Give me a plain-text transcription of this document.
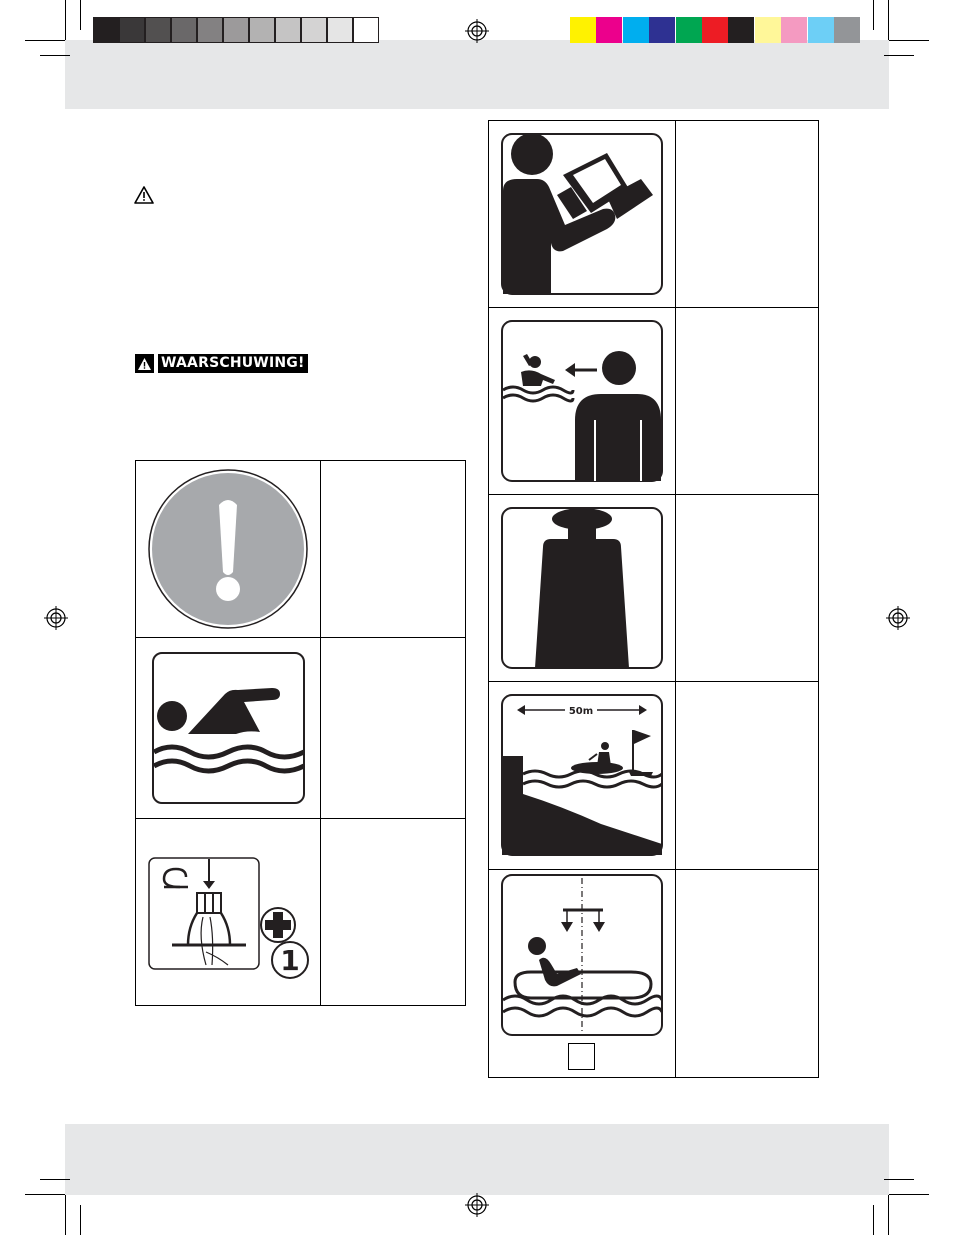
WAARSCHUWING!
1
50m
